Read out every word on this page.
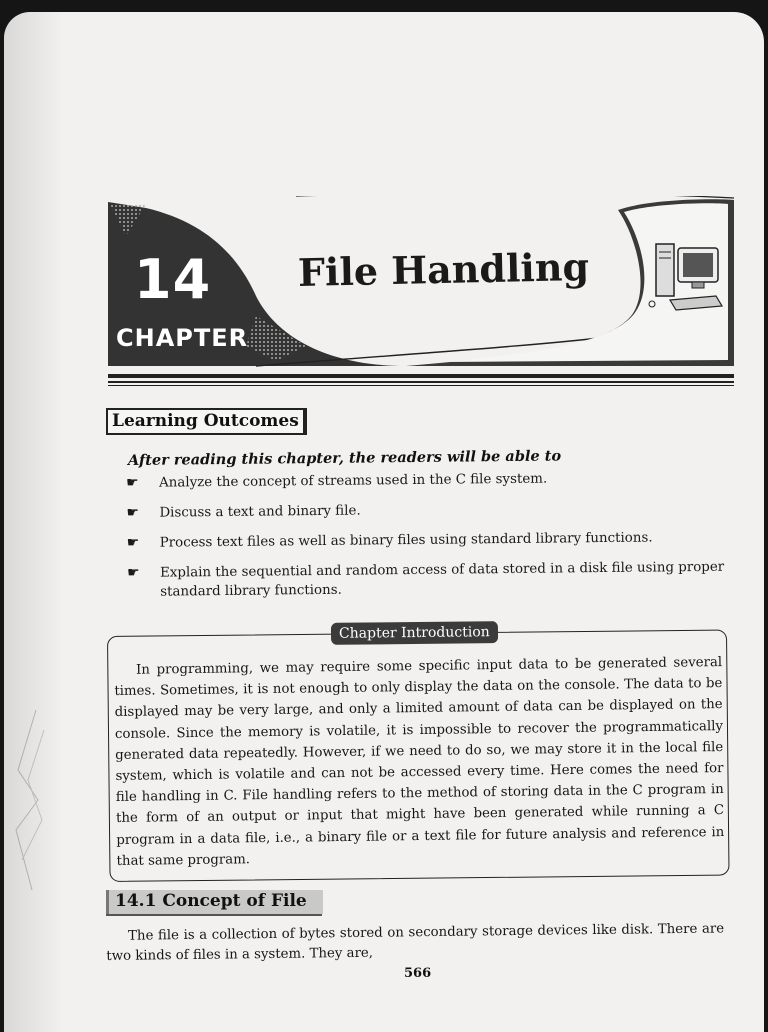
14
CHAPTER
File Handling
Learning Outcomes
After reading this chapter, the readers will be able to
☛ Analyze the concept of streams used in the C file system.
☛ Discuss a text and binary file.
☛ Process text files as well as binary files using standard library functions.
☛ Explain the sequential and random access of data stored in a disk file using proper standard library functions.
Chapter Introduction

In programming, we may require some specific input data to be generated several times. Sometimes, it is not enough to only display the data on the console. The data to be displayed may be very large, and only a limited amount of data can be displayed on the console. Since the memory is volatile, it is impossible to recover the programmatically generated data repeatedly. However, if we need to do so, we may store it in the local file system, which is volatile and can not be accessed every time. Here comes the need for file handling in C. File handling refers to the method of storing data in the C program in the form of an output or input that might have been generated while running a C program in a data file, i.e., a binary file or a text file for future analysis and reference in that same program.

14.1 Concept of File

The file is a collection of bytes stored on secondary storage devices like disk. There are two kinds of files in a system. They are,

566
